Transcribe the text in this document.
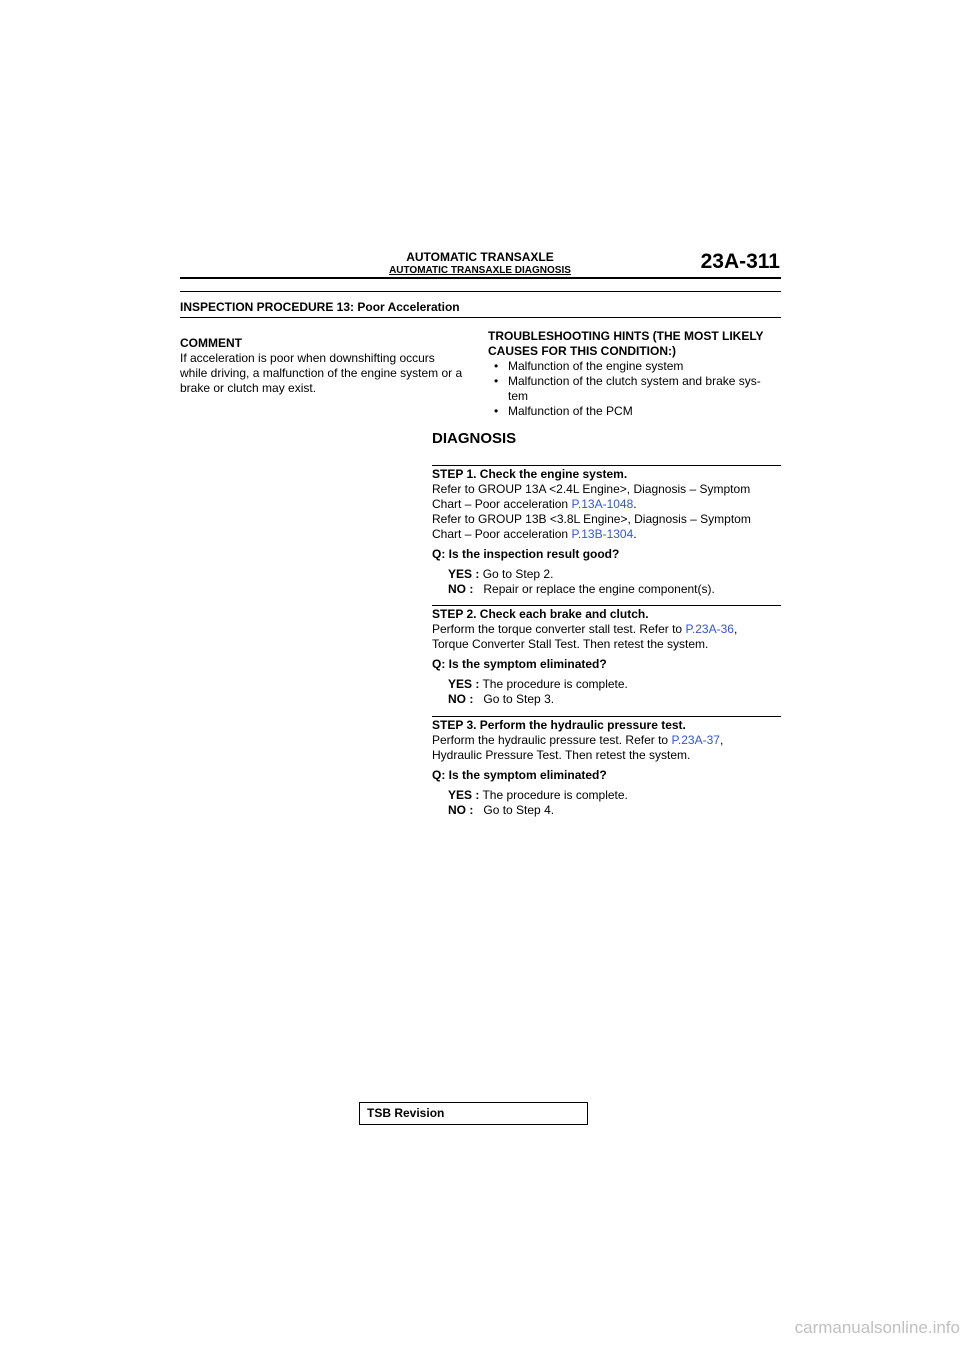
AUTOMATIC TRANSAXLE
AUTOMATIC TRANSAXLE DIAGNOSIS	23A-311
INSPECTION PROCEDURE 13: Poor Acceleration
COMMENT
If acceleration is poor when downshifting occurs
while driving, a malfunction of the engine system or a
brake or clutch may exist.
TROUBLESHOOTING HINTS (THE MOST LIKELY
CAUSES FOR THIS CONDITION:)
• Malfunction of the engine system
• Malfunction of the clutch system and brake sys-
tem
• Malfunction of the PCM
DIAGNOSIS
STEP 1. Check the engine system.
Refer to GROUP 13A <2.4L Engine>, Diagnosis – Symptom
Chart – Poor acceleration P.13A-1048.
Refer to GROUP 13B <3.8L Engine>, Diagnosis – Symptom
Chart – Poor acceleration P.13B-1304.
Q: Is the inspection result good?
YES : Go to Step 2.
NO : Repair or replace the engine component(s).
STEP 2. Check each brake and clutch.
Perform the torque converter stall test. Refer to P.23A-36,
Torque Converter Stall Test. Then retest the system.
Q: Is the symptom eliminated?
YES : The procedure is complete.
NO : Go to Step 3.
STEP 3. Perform the hydraulic pressure test.
Perform the hydraulic pressure test. Refer to P.23A-37,
Hydraulic Pressure Test. Then retest the system.
Q: Is the symptom eliminated?
YES : The procedure is complete.
NO : Go to Step 4.
TSB Revision
carmanualsonline.info
